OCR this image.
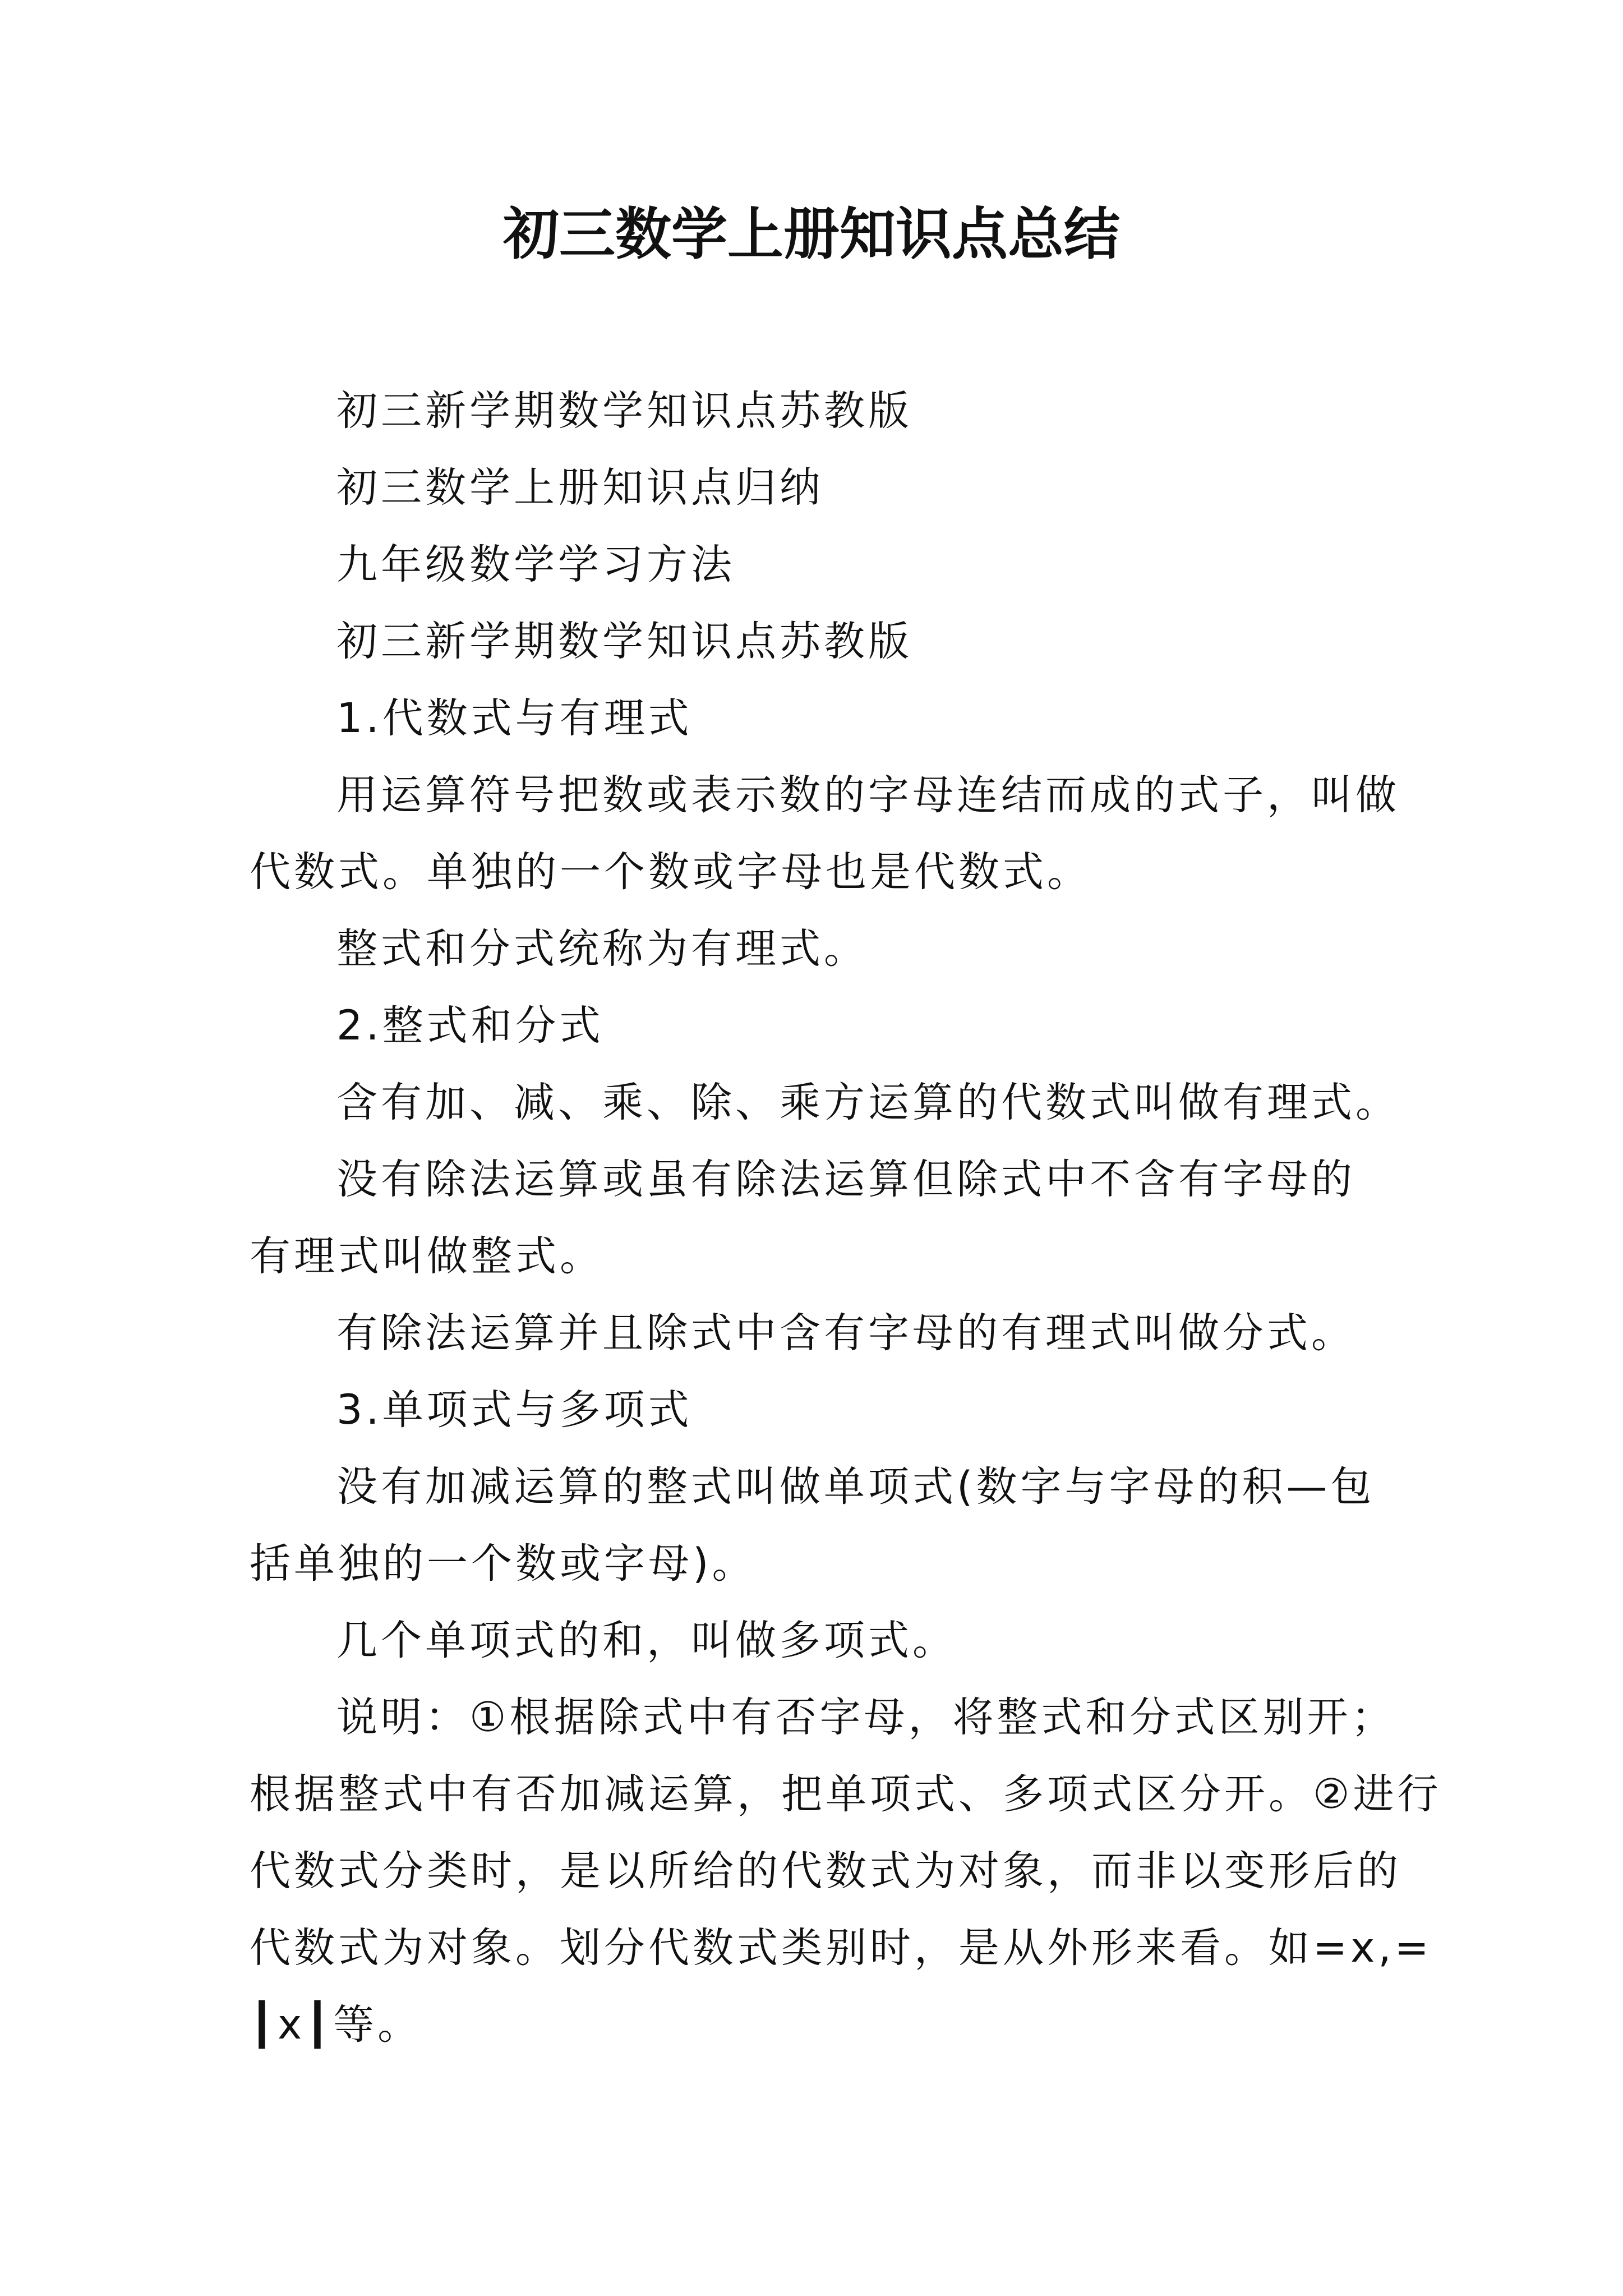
初三数学上册知识点总结
初三新学期数学知识点苏教版
初三数学上册知识点归纳
九年级数学学习方法
初三新学期数学知识点苏教版
1.代数式与有理式
用运算符号把数或表示数的字母连结而成的式子，叫做
代数式。单独的一个数或字母也是代数式。
整式和分式统称为有理式。
2.整式和分式
含有加、减、乘、除、乘方运算的代数式叫做有理式。
没有除法运算或虽有除法运算但除式中不含有字母的
有理式叫做整式。
有除法运算并且除式中含有字母的有理式叫做分式。
3.单项式与多项式
没有加减运算的整式叫做单项式(数字与字母的积—包
括单独的一个数或字母)。
几个单项式的和，叫做多项式。
说明：①根据除式中有否字母，将整式和分式区别开；
根据整式中有否加减运算，把单项式、多项式区分开。②进行
代数式分类时，是以所给的代数式为对象，而非以变形后的
代数式为对象。划分代数式类别时，是从外形来看。如=x,=
┃x┃等。
